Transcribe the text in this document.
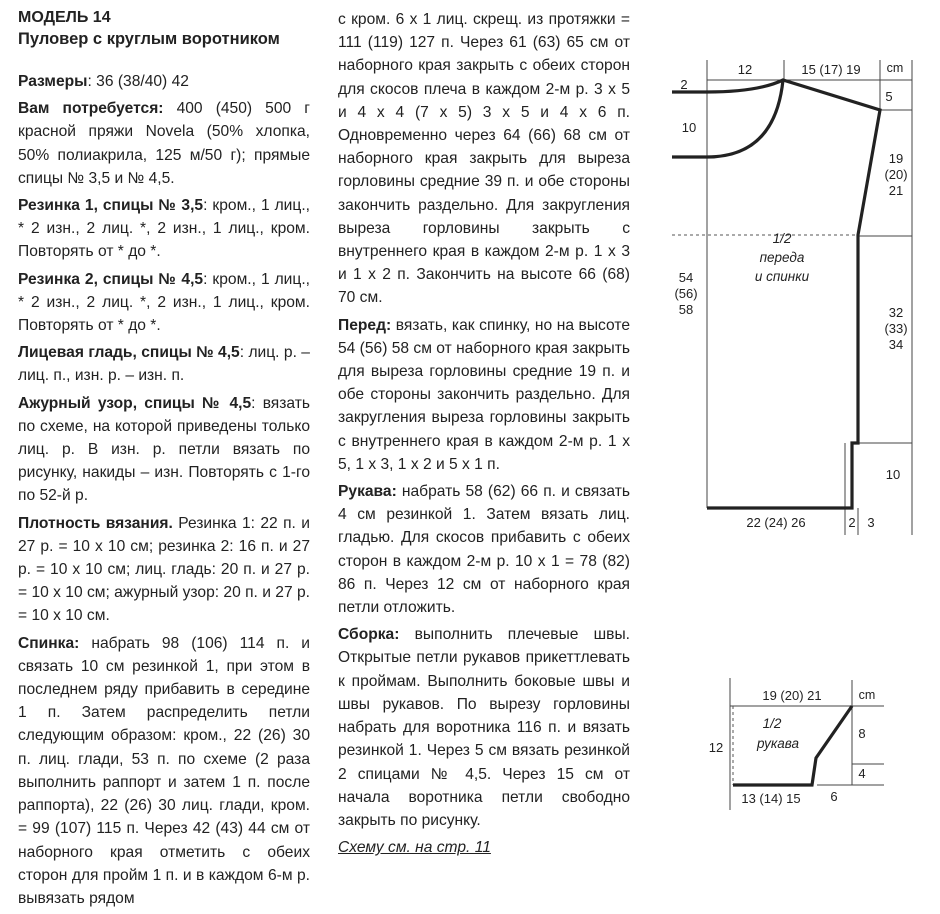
МОДЕЛЬ 14
Пуловер с круглым воротником
Размеры: 36 (38/40) 42
Вам потребуется: 400 (450) 500 г красной пряжи Novela (50% хлопка, 50% полиакрила, 125 м/50 г); прямые спицы № 3,5 и № 4,5.
Резинка 1, спицы № 3,5: кром., 1 лиц., * 2 изн., 2 лиц. *, 2 изн., 1 лиц., кром. Повторять от * до *.
Резинка 2, спицы № 4,5: кром., 1 лиц., * 2 изн., 2 лиц. *, 2 изн., 1 лиц., кром. Повторять от * до *.
Лицевая гладь, спицы № 4,5: лиц. р. – лиц. п., изн. р. – изн. п.
Ажурный узор, спицы № 4,5: вязать по схеме, на которой приведены только лиц. р. В изн. р. петли вязать по рисунку, накиды – изн. Повторять с 1-го по 52-й р.
Плотность вязания. Резинка 1: 22 п. и 27 р. = 10 х 10 см; резинка 2: 16 п. и 27 р. = 10 х 10 см; лиц. гладь: 20 п. и 27 р. = 10 х 10 см; ажурный узор: 20 п. и 27 р. = 10 х 10 см.
Спинка: набрать 98 (106) 114 п. и связать 10 см резинкой 1, при этом в последнем ряду прибавить в середине 1 п. Затем распределить петли следующим образом: кром., 22 (26) 30 п. лиц. глади, 53 п. по схеме (2 раза выполнить раппорт и затем 1 п. после раппорта), 22 (26) 30 лиц. глади, кром. = 99 (107) 115 п. Через 42 (43) 44 см от наборного края отметить с обеих сторон для пройм 1 п. и в каждом 6-м р. вывязать рядом
с кром. 6 х 1 лиц. скрещ. из протяжки = 111 (119) 127 п. Через 61 (63) 65 см от наборного края закрыть с обеих сторон для скосов плеча в каждом 2-м р. 3 х 5 и 4 х 4 (7 х 5) 3 х 5 и 4 х 6 п. Одновременно через 64 (66) 68 см от наборного края закрыть для выреза горловины средние 39 п. и обе стороны закончить раздельно. Для закругления выреза горловины закрыть с внутреннего края в каждом 2-м р. 1 х 3 и 1 х 2 п. Закончить на высоте 66 (68) 70 см.
Перед: вязать, как спинку, но на высоте 54 (56) 58 см от наборного края закрыть для выреза горловины средние 19 п. и обе стороны закончить раздельно. Для закругления выреза горловины закрыть с внутреннего края в каждом 2-м р. 1 х 5, 1 х 3, 1 х 2 и 5 х 1 п.
Рукава: набрать 58 (62) 66 п. и связать 4 см резинкой 1. Затем вязать лиц. гладью. Для скосов прибавить с обеих сторон в каждом 2-м р. 10 х 1 = 78 (82) 86 п. Через 12 см от наборного края петли отложить.
Сборка: выполнить плечевые швы. Открытые петли рукавов прикеттлевать к проймам. Выполнить боковые швы и швы рукавов. По вырезу горловины набрать для воротника 116 п. и вязать резинкой 1. Через 5 см вязать резинкой 2 спицами № 4,5. Через 15 см от начала воротника петли свободно закрыть по рисунку.
Схему см. на стр. 11
cm
12	15 (17) 19
2
5
10
19
(20)
21
1/2
переда
и спинки
54
(56)
58	32
(33)
34
10
22 (24) 26	2 3
cm
19 (20) 21
1/2
рукава
12
8
4
13 (14) 15 6
